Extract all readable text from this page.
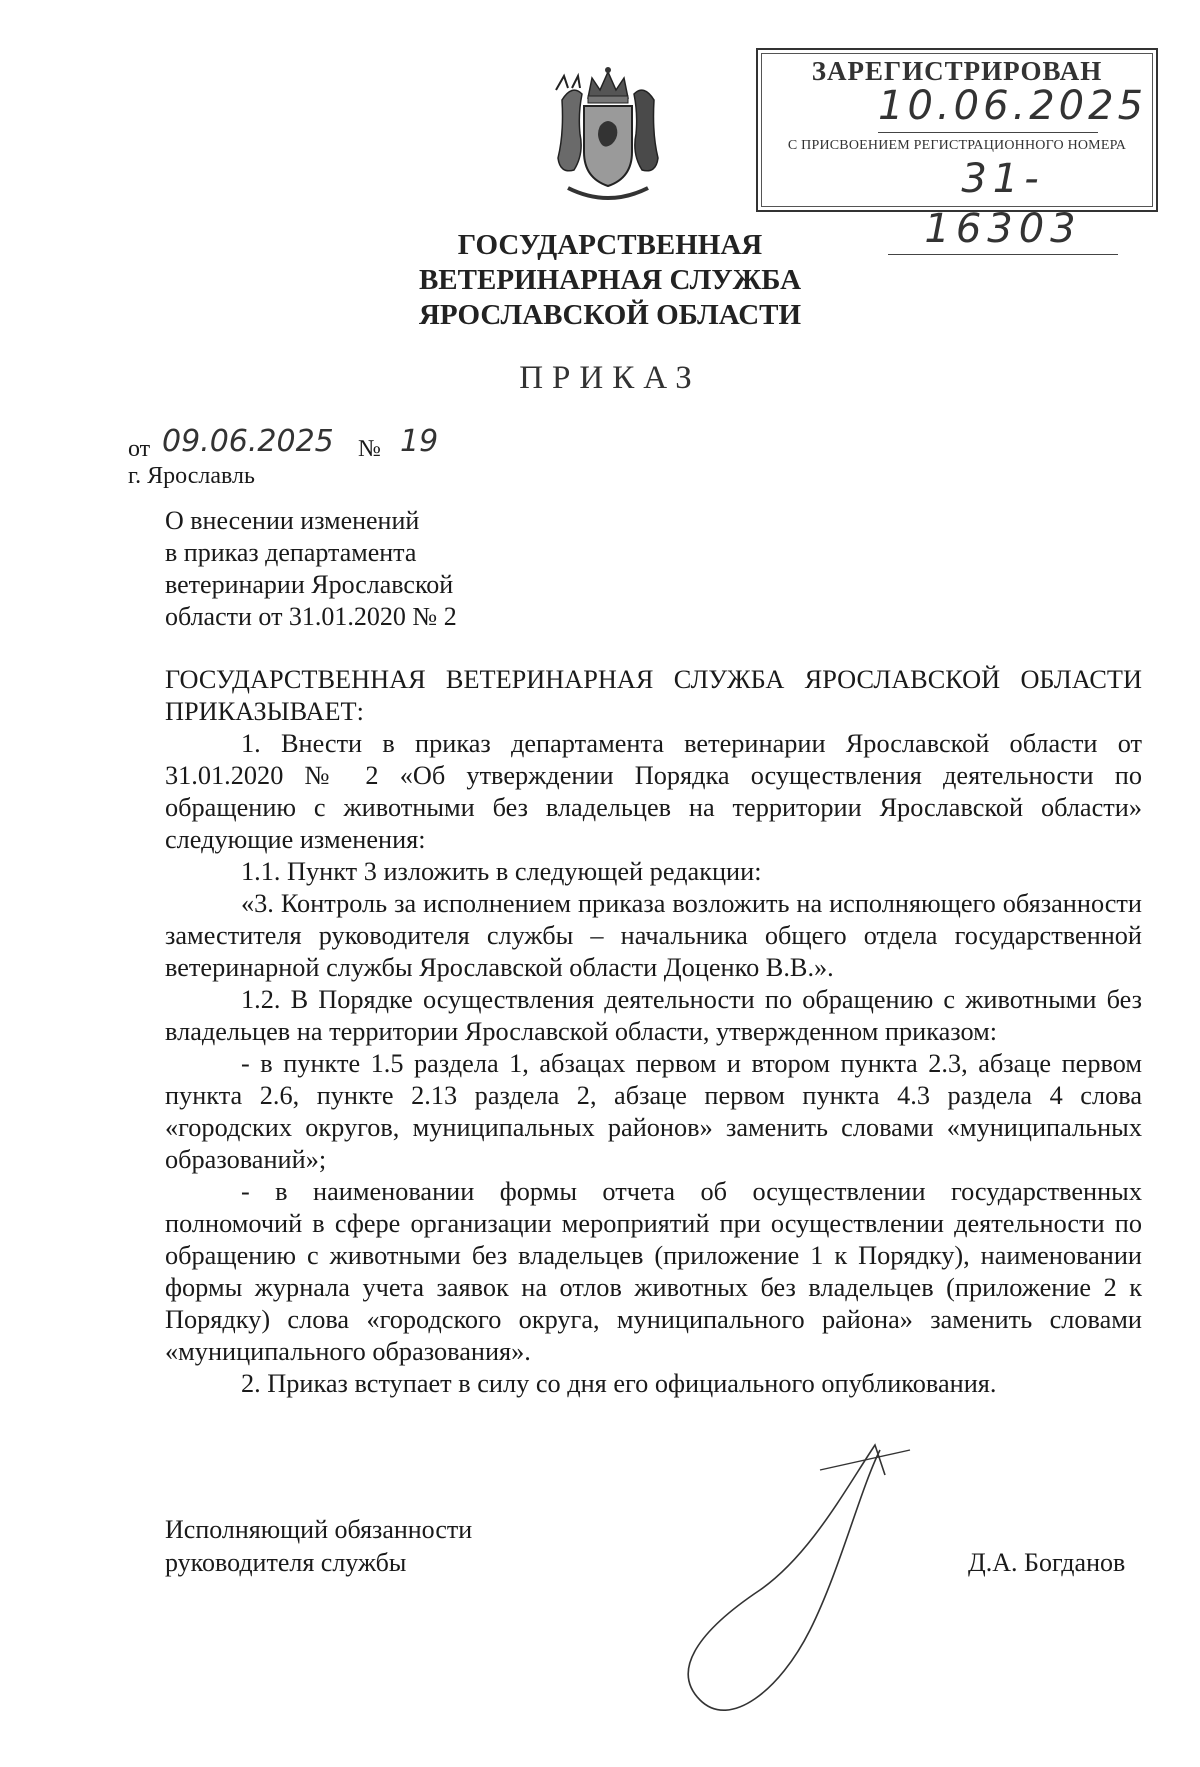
ЗАРЕГИСТРИРОВАН
10.06.2025
С ПРИСВОЕНИЕМ РЕГИСТРАЦИОННОГО НОМЕРА
31-16303
ГОСУДАРСТВЕННАЯ
ВЕТЕРИНАРНАЯ СЛУЖБА
ЯРОСЛАВСКОЙ ОБЛАСТИ
ПРИКАЗ
от 09.06.2025 № 19
г. Ярославль
О внесении изменений
в приказ департамента
ветеринарии Ярославской
области от 31.01.2020 № 2

ГОСУДАРСТВЕННАЯ ВЕТЕРИНАРНАЯ СЛУЖБА ЯРОСЛАВСКОЙ ОБЛАСТИ ПРИКАЗЫВАЕТ:

1. Внести в приказ департамента ветеринарии Ярославской области от 31.01.2020 № 2 «Об утверждении Порядка осуществления деятельности по обращению с животными без владельцев на территории Ярославской области» следующие изменения:

1.1. Пункт 3 изложить в следующей редакции:

«3. Контроль за исполнением приказа возложить на исполняющего обязанности заместителя руководителя службы – начальника общего отдела государственной ветеринарной службы Ярославской области Доценко В.В.».

1.2. В Порядке осуществления деятельности по обращению с животными без владельцев на территории Ярославской области, утвержденном приказом:

- в пункте 1.5 раздела 1, абзацах первом и втором пункта 2.3, абзаце первом пункта 2.6, пункте 2.13 раздела 2, абзаце первом пункта 4.3 раздела 4 слова «городских округов, муниципальных районов» заменить словами «муниципальных образований»;

- в наименовании формы отчета об осуществлении государственных полномочий в сфере организации мероприятий при осуществлении деятельности по обращению с животными без владельцев (приложение 1 к Порядку), наименовании формы журнала учета заявок на отлов животных без владельцев (приложение 2 к Порядку) слова «городского округа, муниципального района» заменить словами «муниципального образования».

2. Приказ вступает в силу со дня его официального опубликования.

Исполняющий обязанности
руководителя службы	Д.А. Богданов
